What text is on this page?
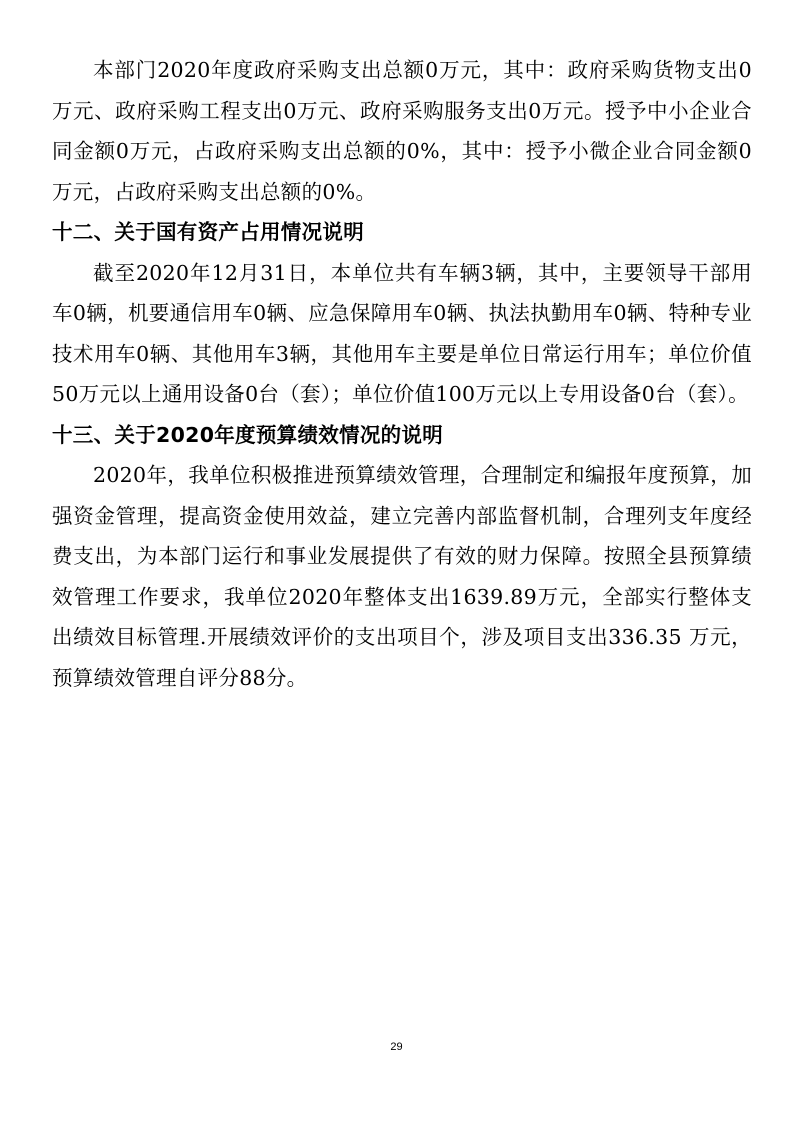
本部门2020年度政府采购支出总额0万元，其中：政府采购货物支出0万元、政府采购工程支出0万元、政府采购服务支出0万元。授予中小企业合同金额0万元，占政府采购支出总额的0%，其中：授予小微企业合同金额0万元，占政府采购支出总额的0%。

十二、关于国有资产占用情况说明

截至2020年12月31日，本单位共有车辆3辆，其中，主要领导干部用车0辆，机要通信用车0辆、应急保障用车0辆、执法执勤用车0辆、特种专业技术用车0辆、其他用车3辆，其他用车主要是单位日常运行用车；单位价值50万元以上通用设备0台（套）；单位价值100万元以上专用设备0台（套）。

十三、关于2020年度预算绩效情况的说明

2020年，我单位积极推进预算绩效管理，合理制定和编报年度预算，加强资金管理，提高资金使用效益，建立完善内部监督机制，合理列支年度经费支出，为本部门运行和事业发展提供了有效的财力保障。按照全县预算绩效管理工作要求，我单位2020年整体支出1639.89万元，全部实行整体支出绩效目标管理.开展绩效评价的支出项目个，涉及项目支出336.35 万元，预算绩效管理自评分88分。

29
